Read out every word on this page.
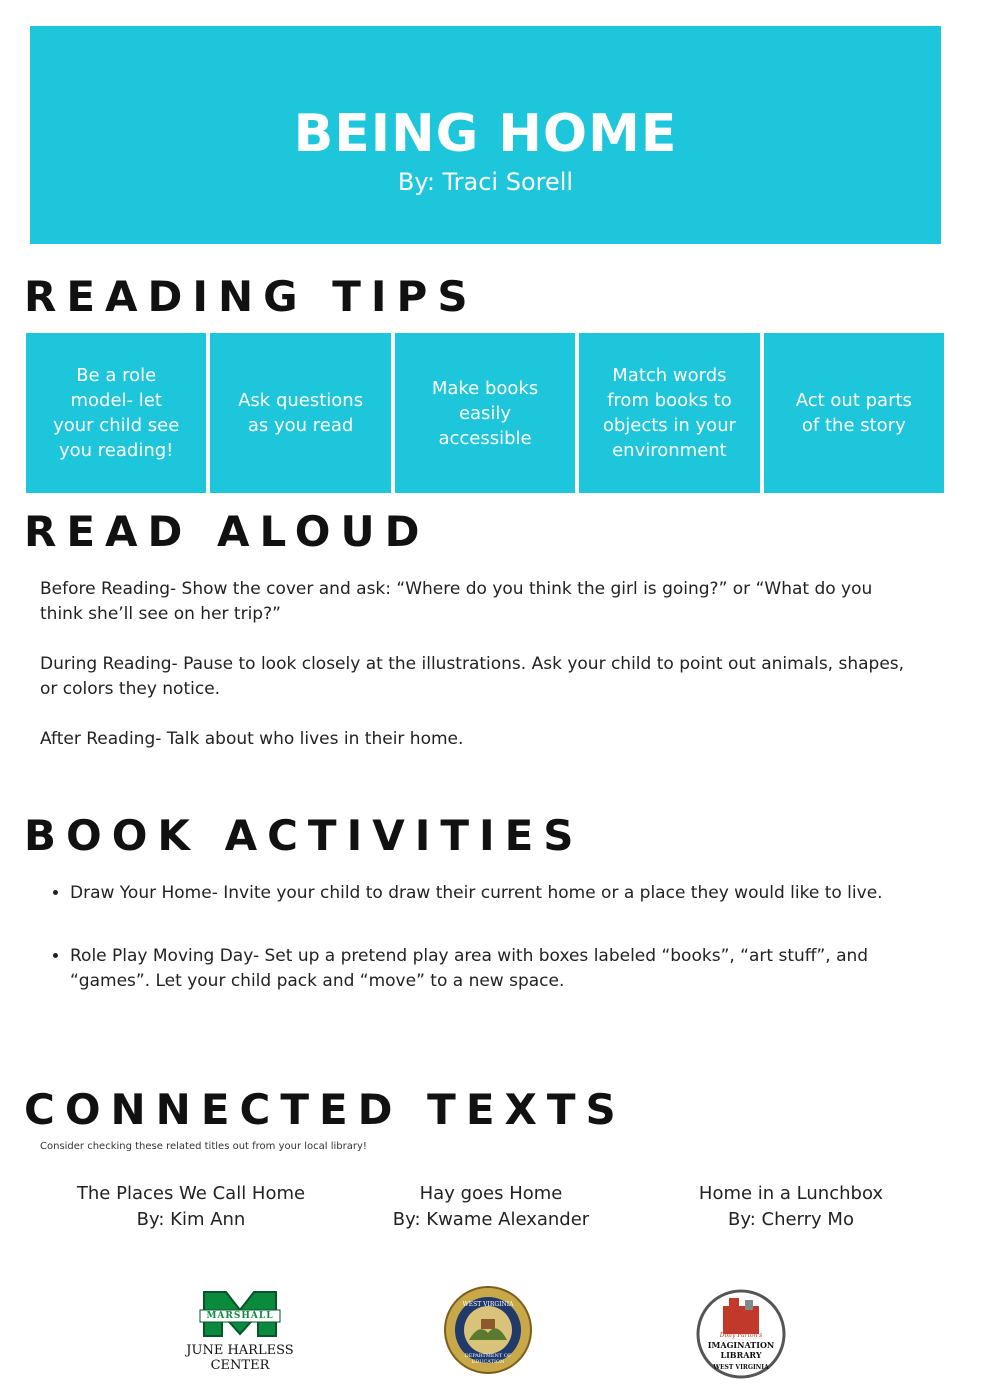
BEING HOME
By: Traci Sorell
READING TIPS
Be a role model- let your child see you reading!
Ask questions as you read
Make books easily accessible
Match words from books to objects in your environment
Act out parts of the story
READ ALOUD
Before Reading- Show the cover and ask: “Where do you think the girl is going?” or “What do you think she’ll see on her trip?”
During Reading- Pause to look closely at the illustrations. Ask your child to point out animals, shapes, or colors they notice.
After Reading- Talk about who lives in their home.
BOOK ACTIVITIES
• Draw Your Home- Invite your child to draw their current home or a place they would like to live.
• Role Play Moving Day- Set up a pretend play area with boxes labeled “books”, “art stuff”, and “games”. Let your child pack and “move” to a new space.
CONNECTED TEXTS
Consider checking these related titles out from your local library!
The Places We Call Home
By: Kim Ann
Hay goes Home
By: Kwame Alexander
Home in a Lunchbox
By: Cherry Mo
MARSHALL
JUNE HARLESS
CENTER
WEST VIRGINIA
DEPARTMENT OF EDUCATION
Dolly Parton's
IMAGINATION
LIBRARY
WEST VIRGINIA
